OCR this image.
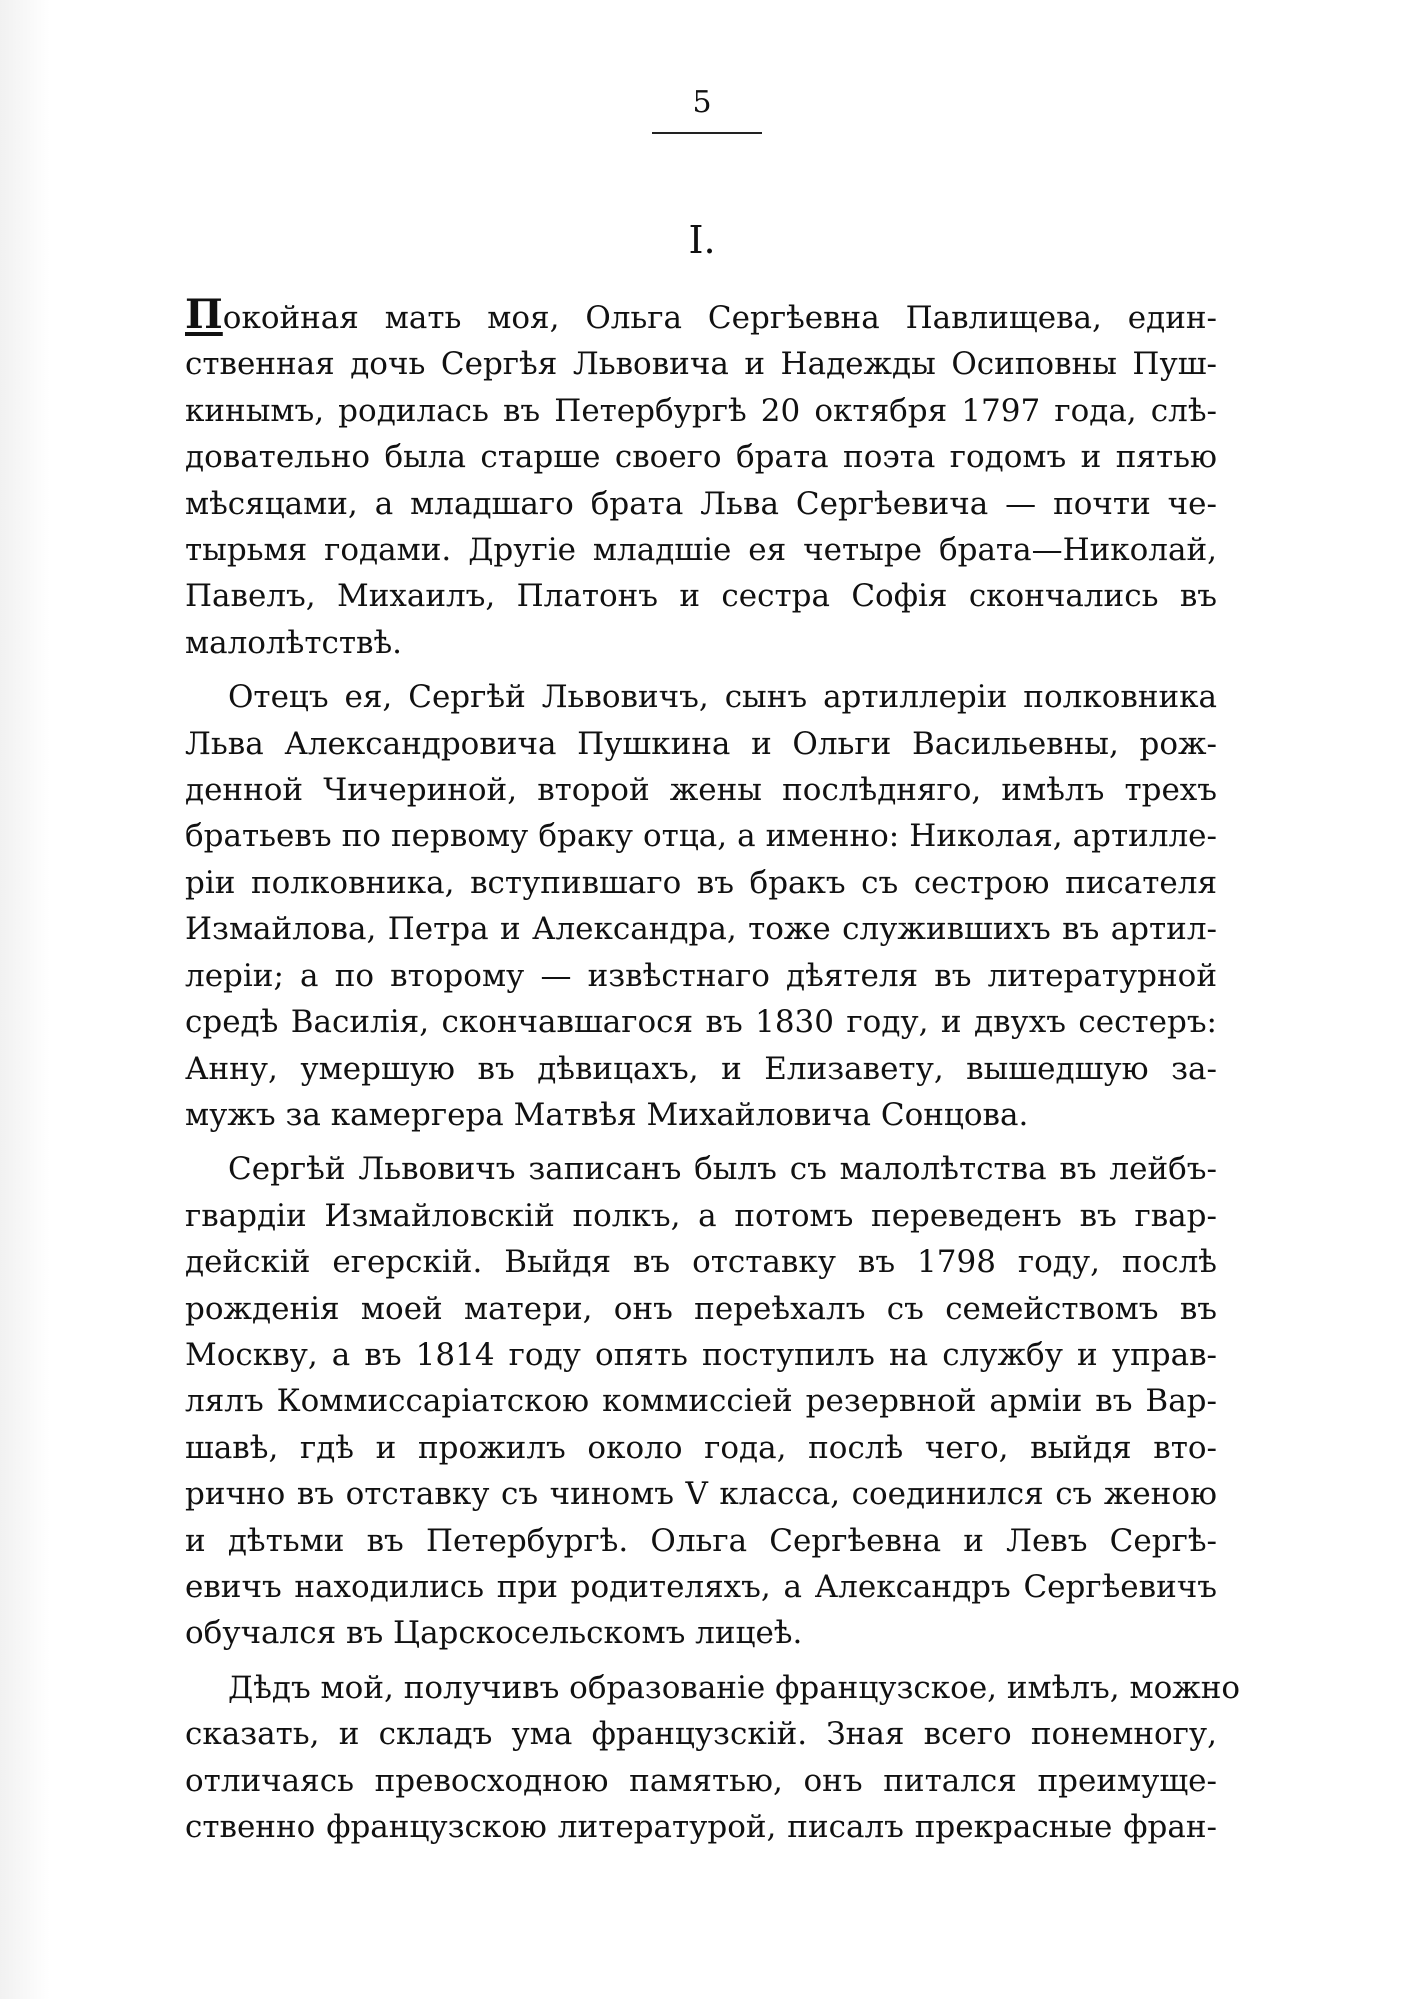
5
I.
Покойная мать моя, Ольга Сергѣевна Павлищева, един-
ственная дочь Сергѣя Львовича и Надежды Осиповны Пуш-
кинымъ, родилась въ Петербургѣ 20 октября 1797 года, слѣ-
довательно была старше своего брата поэта годомъ и пятью
мѣсяцами, а младшаго брата Льва Сергѣевича — почти че-
тырьмя годами. Другіе младшіе ея четыре брата—Николай,
Павелъ, Михаилъ, Платонъ и сестра Софія скончались въ
малолѣтствѣ.
Отецъ ея, Сергѣй Львовичъ, сынъ артиллеріи полковника
Льва Александровича Пушкина и Ольги Васильевны, рож-
денной Чичериной, второй жены послѣдняго, имѣлъ трехъ
братьевъ по первому браку отца, а именно: Николая, артилле-
ріи полковника, вступившаго въ бракъ съ сестрою писателя
Измайлова, Петра и Александра, тоже служившихъ въ артил-
леріи; а по второму — извѣстнаго дѣятеля въ литературной
средѣ Василія, скончавшагося въ 1830 году, и двухъ сестеръ:
Анну, умершую въ дѣвицахъ, и Елизавету, вышедшую за-
мужъ за камергера Матвѣя Михайловича Сонцова.
Сергѣй Львовичъ записанъ былъ съ малолѣтства въ лейбъ-
гвардіи Измайловскій полкъ, а потомъ переведенъ въ гвар-
дейскій егерскій. Выйдя въ отставку въ 1798 году, послѣ
рожденія моей матери, онъ переѣхалъ съ семействомъ въ
Москву, а въ 1814 году опять поступилъ на службу и управ-
лялъ Коммиссаріатскою коммиссіей резервной арміи въ Вар-
шавѣ, гдѣ и прожилъ около года, послѣ чего, выйдя вто-
рично въ отставку съ чиномъ V класса, соединился съ женою
и дѣтьми въ Петербургѣ. Ольга Сергѣевна и Левъ Сергѣ-
евичъ находились при родителяхъ, а Александръ Сергѣевичъ
обучался въ Царскосельскомъ лицеѣ.
Дѣдъ мой, получивъ образованіе французское, имѣлъ, можно
сказать, и складъ ума французскій. Зная всего понемногу,
отличаясь превосходною памятью, онъ питался преимуще-
ственно французскою литературой, писалъ прекрасные фран-
